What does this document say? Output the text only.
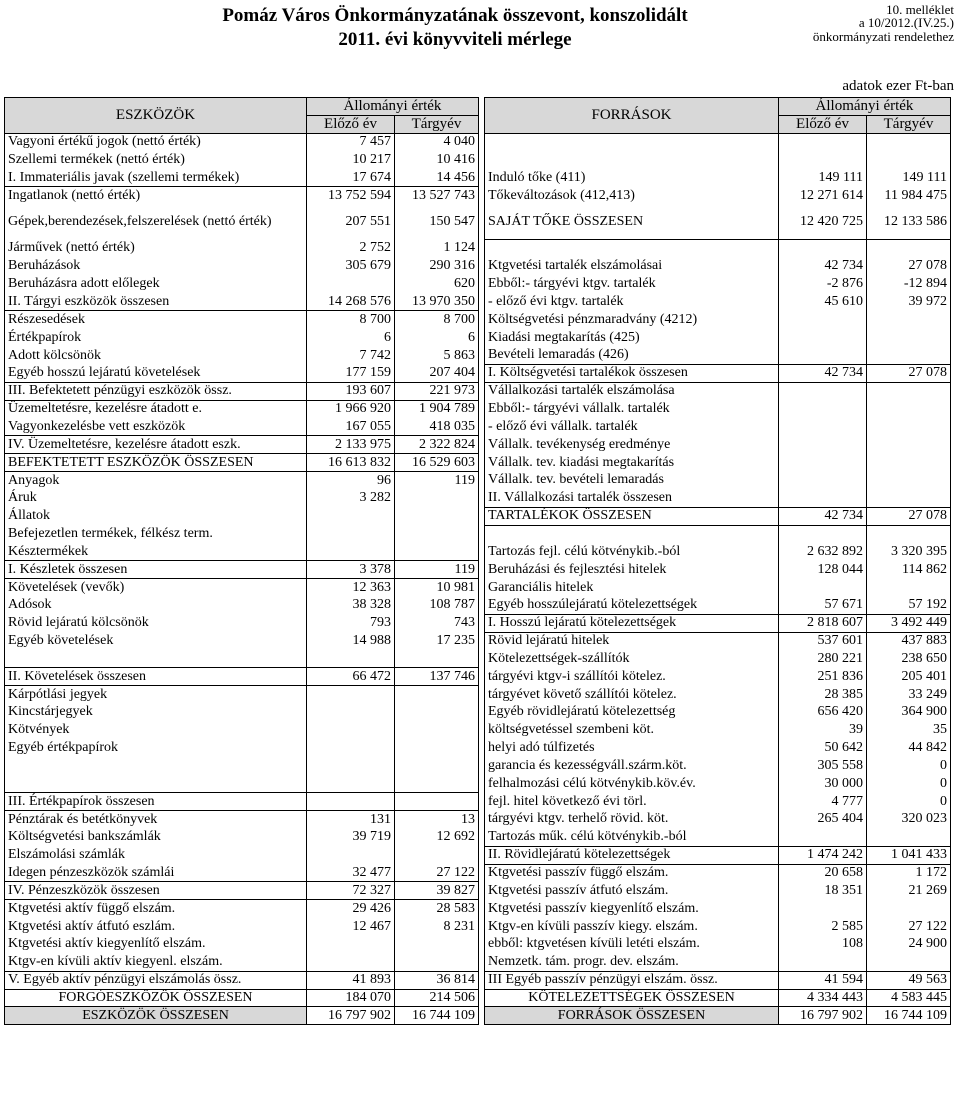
Pomáz Város Önkormányzatának összevont, konszolidált
2011. évi könyvviteli mérlege
10. melléklet
a 10/2012.(IV.25.)
önkormányzati rendelethez
adatok ezer Ft-ban
ESZKÖZÖK	Állományi érték			FORRÁSOK	Állományi érték	
	Előző év	Tárgyév			Előző év	Tárgyév
Vagyoni értékű jogok (nettó érték)	7 457	4 040				
Szellemi termékek (nettó érték)	10 217	10 416				
I. Immateriális javak (szellemi termékek)	17 674	14 456		Induló tőke (411)	149 111	149 111
Ingatlanok (nettó érték)	13 752 594	13 527 743		Tőkeváltozások (412,413)	12 271 614	11 984 475
Gépek,berendezések,felszerelések (nettó érték)	207 551	150 547		SAJÁT TŐKE ÖSSZESEN	12 420 725	12 133 586
Járművek (nettó érték)	2 752	1 124				
Beruházások	305 679	290 316		Ktgvetési tartalék elszámolásai	42 734	27 078
Beruházásra adott előlegek		620		Ebből:- tárgyévi ktgv. tartalék	-2 876	-12 894
II. Tárgyi eszközök összesen	14 268 576	13 970 350		- előző évi ktgv. tartalék	45 610	39 972
Részesedések	8 700	8 700		Költségvetési pénzmaradvány (4212)		
Értékpapírok	6	6		Kiadási megtakarítás (425)		
Adott kölcsönök	7 742	5 863		Bevételi lemaradás (426)		
Egyéb hosszú lejáratú követelések	177 159	207 404		I. Költségvetési tartalékok összesen	42 734	27 078
III. Befektetett pénzügyi eszközök össz.	193 607	221 973		Vállalkozási tartalék elszámolása		
Üzemeltetésre, kezelésre átadott e.	1 966 920	1 904 789		Ebből:- tárgyévi vállalk. tartalék		
Vagyonkezelésbe vett eszközök	167 055	418 035		- előző évi vállalk. tartalék		
IV. Üzemeltetésre, kezelésre átadott eszk.	2 133 975	2 322 824		Vállalk. tevékenység eredménye		
BEFEKTETETT ESZKÖZÖK ÖSSZESEN	16 613 832	16 529 603		Vállalk. tev. kiadási megtakarítás		
Anyagok	96	119		Vállalk. tev. bevételi lemaradás		
Áruk	3 282			II. Vállalkozási tartalék összesen		
Állatok				TARTALÉKOK ÖSSZESEN	42 734	27 078
Befejezetlen termékek, félkész term.						
Késztermékek				Tartozás fejl. célú kötvénykib.-ból	2 632 892	3 320 395
I. Készletek összesen	3 378	119		Beruházási és fejlesztési hitelek	128 044	114 862
Követelések (vevők)	12 363	10 981		Garanciális hitelek		
Adósok	38 328	108 787		Egyéb hosszúlejáratú kötelezettségek	57 671	57 192
Rövid lejáratú kölcsönök	793	743		I. Hosszú lejáratú kötelezettségek	2 818 607	3 492 449
Egyéb követelések	14 988	17 235		Rövid lejáratú hitelek	537 601	437 883
				Kötelezettségek-szállítók	280 221	238 650
II. Követelések összesen	66 472	137 746		tárgyévi ktgv-i szállítói kötelez.	251 836	205 401
Kárpótlási jegyek				tárgyévet követő szállítói kötelez.	28 385	33 249
Kincstárjegyek				Egyéb rövidlejáratú kötelezettség	656 420	364 900
Kötvények				költségvetéssel szembeni köt.	39	35
Egyéb értékpapírok				helyi adó túlfizetés	50 642	44 842
				garancia és kezességváll.szárm.köt.	305 558	0
				felhalmozási célú kötvénykib.köv.év.	30 000	0
III. Értékpapírok összesen				fejl. hitel következő évi törl.	4 777	0
Pénztárak és betétkönyvek	131	13		tárgyévi ktgv. terhelő rövid. köt.	265 404	320 023
Költségvetési bankszámlák	39 719	12 692		Tartozás műk. célú kötvénykib.-ból		
Elszámolási számlák				II. Rövidlejáratú kötelezettségek	1 474 242	1 041 433
Idegen pénzeszközök számlái	32 477	27 122		Ktgvetési passzív függő elszám.	20 658	1 172
IV. Pénzeszközök összesen	72 327	39 827		Ktgvetési passzív átfutó elszám.	18 351	21 269
Ktgvetési aktív függő elszám.	29 426	28 583		Ktgvetési passzív kiegyenlítő elszám.		
Ktgvetési aktív átfutó eszlám.	12 467	8 231		Ktgv-en kívüli passzív kiegy. elszám.	2 585	27 122
Ktgvetési aktív kiegyenlítő elszám.				ebből: ktgvetésen kívüli letéti elszám.	108	24 900
Ktgv-en kívüli aktív kiegyenl. elszám.				Nemzetk. tám. progr. dev. elszám.		
V. Egyéb aktív pénzügyi elszámolás össz.	41 893	36 814		III Egyéb passzív pénzügyi elszám. össz.	41 594	49 563
FORGÓESZKÖZÖK ÖSSZESEN	184 070	214 506		KÖTELEZETTSÉGEK ÖSSZESEN	4 334 443	4 583 445
ESZKÖZÖK ÖSSZESEN	16 797 902	16 744 109		FORRÁSOK ÖSSZESEN	16 797 902	16 744 109
